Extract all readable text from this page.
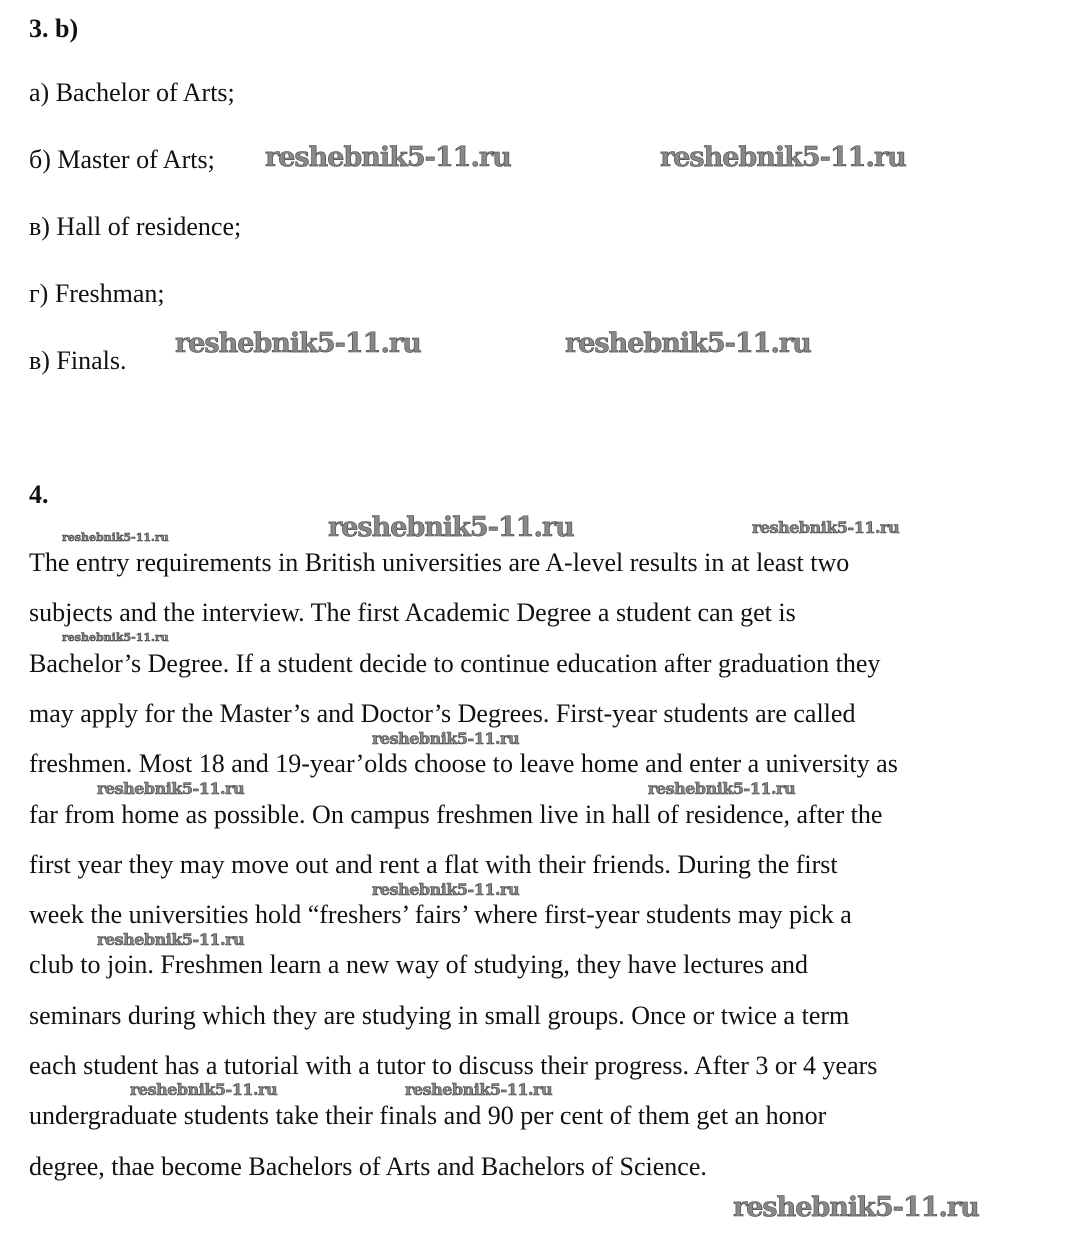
3. b)
а) Bachelor of Arts;
б) Master of Arts;
в) Hall of residence;
г) Freshman;
в) Finals.
4.
The entry requirements in British universities are A-level results in at least two
subjects and the interview. The first Academic Degree a student can get is
Bachelor’s Degree. If a student decide to continue education after graduation they
may apply for the Master’s and Doctor’s Degrees. First-year students are called
freshmen. Most 18 and 19-year’olds choose to leave home and enter a university as
far from home as possible. On campus freshmen live in hall of residence, after the
first year they may move out and rent a flat with their friends. During the first
week the universities hold “freshers’ fairs’ where first-year students may pick a
club to join. Freshmen learn a new way of studying, they have lectures and
seminars during which they are studying in small groups. Once or twice a term
each student has a tutorial with a tutor to discuss their progress. After 3 or 4 years
undergraduate students take their finals and 90 per cent of them get an honor
degree, thae become Bachelors of Arts and Bachelors of Science.
reshebnik5-11.ru	reshebnik5-11.ru
reshebnik5-11.ru	reshebnik5-11.ru
reshebnik5-11.ru
reshebnik5-11.ru
reshebnik5-11.ru
reshebnik5-11.ru
reshebnik5-11.ru
reshebnik5-11.ru
reshebnik5-11.ru	reshebnik5-11.ru
reshebnik5-11.ru
reshebnik5-11.ru
reshebnik5-11.ru	reshebnik5-11.ru
